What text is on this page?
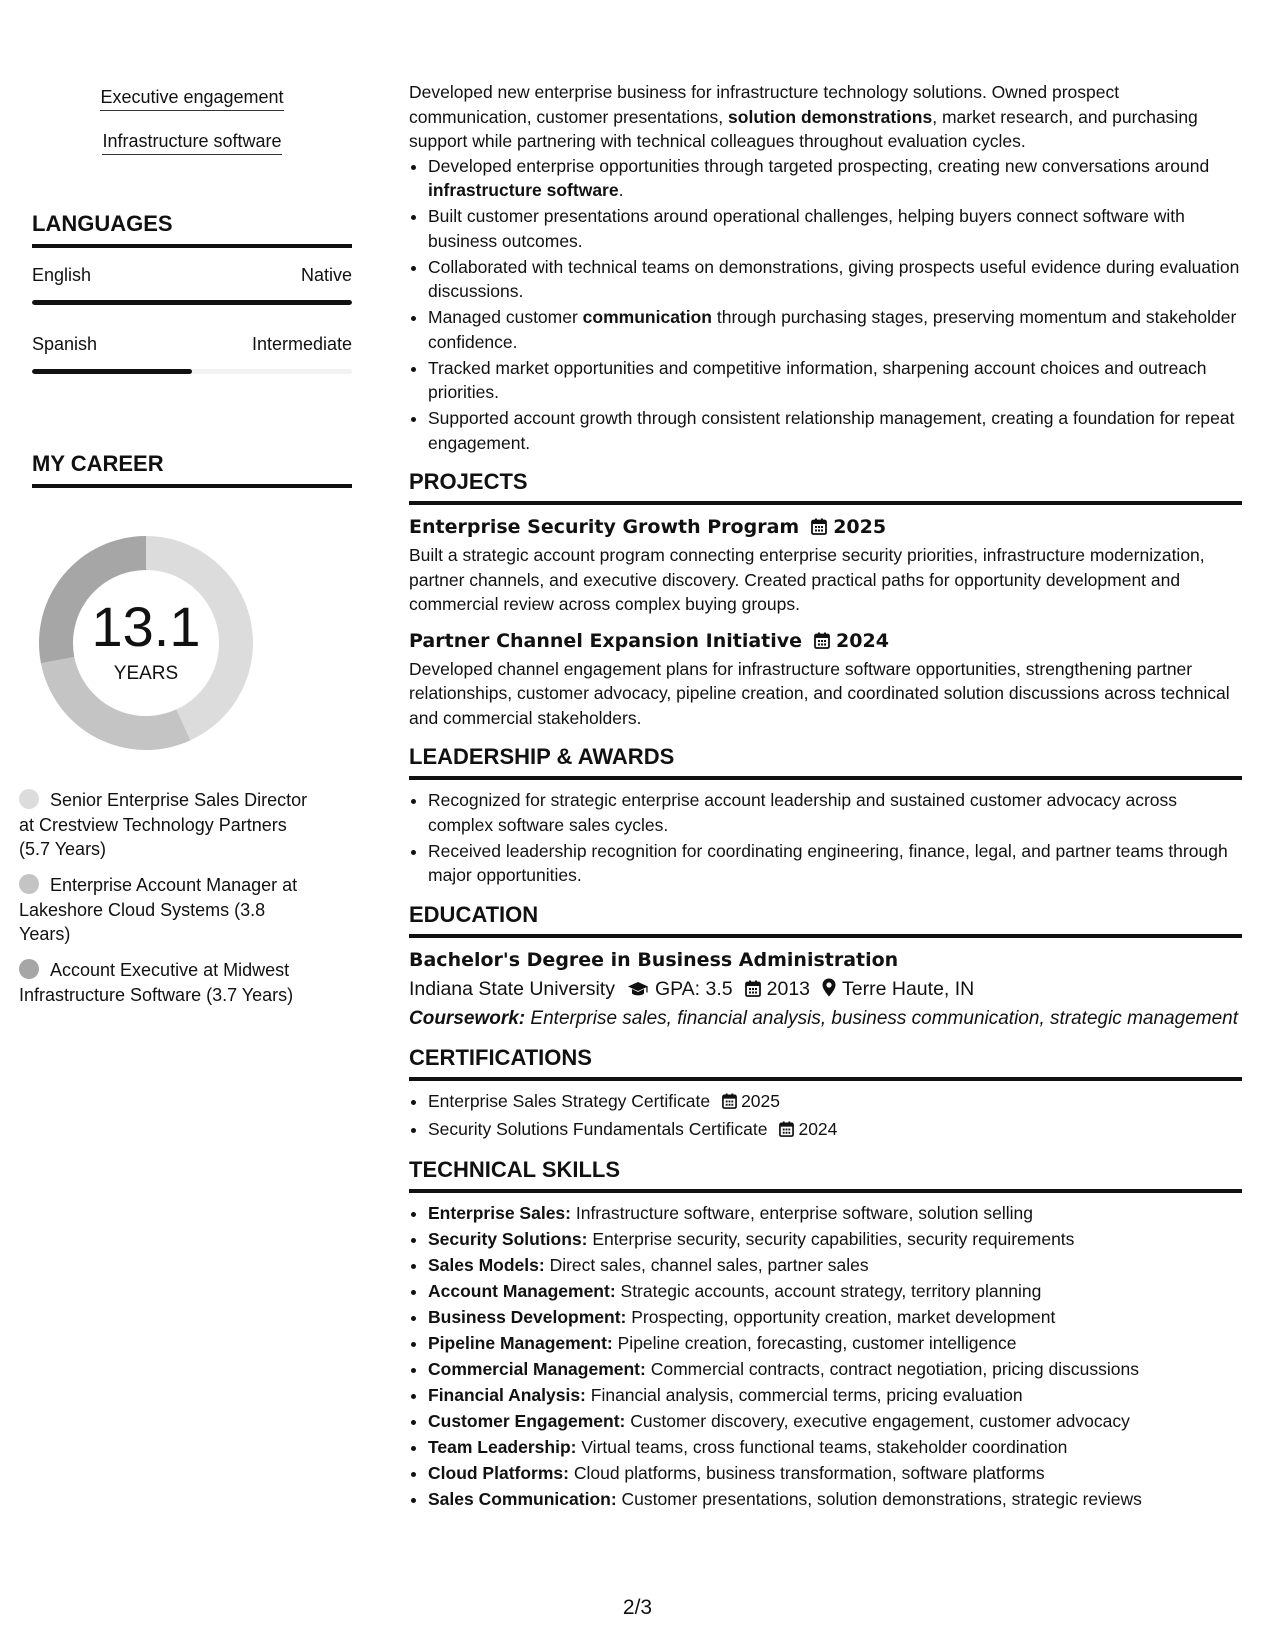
Executive engagement
Infrastructure software
LANGUAGES
English	Native
Spanish	Intermediate
MY CAREER
13.1
YEARS
Senior Enterprise Sales Director at Crestview Technology Partners (5.7 Years)
Enterprise Account Manager at Lakeshore Cloud Systems (3.8 Years)
Account Executive at Midwest Infrastructure Software (3.7 Years)

Developed new enterprise business for infrastructure technology solutions. Owned prospect communication, customer presentations, solution demonstrations, market research, and purchasing support while partnering with technical colleagues throughout evaluation cycles.

• Developed enterprise opportunities through targeted prospecting, creating new conversations around infrastructure software.
• Built customer presentations around operational challenges, helping buyers connect software with business outcomes.
• Collaborated with technical teams on demonstrations, giving prospects useful evidence during evaluation discussions.
• Managed customer communication through purchasing stages, preserving momentum and stakeholder confidence.
• Tracked market opportunities and competitive information, sharpening account choices and outreach priorities.
• Supported account growth through consistent relationship management, creating a foundation for repeat engagement.
PROJECTS
Enterprise Security Growth Program 2025

Built a strategic account program connecting enterprise security priorities, infrastructure modernization, partner channels, and executive discovery. Created practical paths for opportunity development and commercial review across complex buying groups.

Partner Channel Expansion Initiative 2024

Developed channel engagement plans for infrastructure software opportunities, strengthening partner relationships, customer advocacy, pipeline creation, and coordinated solution discussions across technical and commercial stakeholders.

LEADERSHIP & AWARDS
• Recognized for strategic enterprise account leadership and sustained customer advocacy across complex software sales cycles.
• Received leadership recognition for coordinating engineering, finance, legal, and partner teams through major opportunities.
EDUCATION
Bachelor's Degree in Business Administration
Indiana State University GPA: 3.5 2013 Terre Haute, IN
Coursework: Enterprise sales, financial analysis, business communication, strategic management
CERTIFICATIONS
• Enterprise Sales Strategy Certificate 2025
• Security Solutions Fundamentals Certificate 2024
TECHNICAL SKILLS
• Enterprise Sales: Infrastructure software, enterprise software, solution selling
• Security Solutions: Enterprise security, security capabilities, security requirements
• Sales Models: Direct sales, channel sales, partner sales
• Account Management: Strategic accounts, account strategy, territory planning
• Business Development: Prospecting, opportunity creation, market development
• Pipeline Management: Pipeline creation, forecasting, customer intelligence
• Commercial Management: Commercial contracts, contract negotiation, pricing discussions
• Financial Analysis: Financial analysis, commercial terms, pricing evaluation
• Customer Engagement: Customer discovery, executive engagement, customer advocacy
• Team Leadership: Virtual teams, cross functional teams, stakeholder coordination
• Cloud Platforms: Cloud platforms, business transformation, software platforms
• Sales Communication: Customer presentations, solution demonstrations, strategic reviews
2/3
